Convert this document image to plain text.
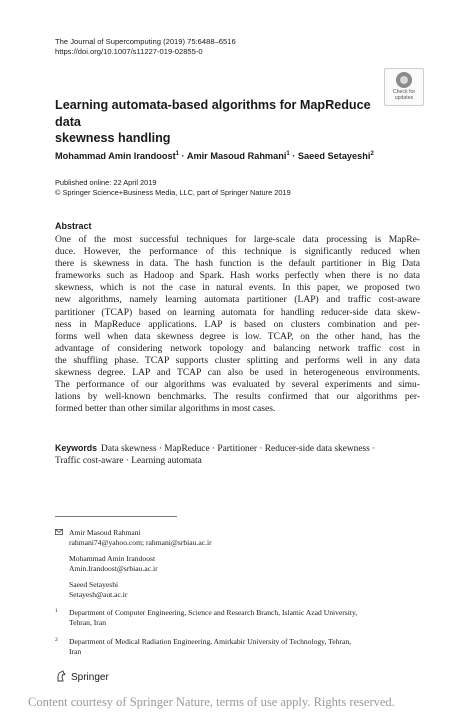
The Journal of Supercomputing (2019) 75:6488–6516
https://doi.org/10.1007/s11227-019-02855-0
Check for
updates
Learning automata-based algorithms for MapReduce data
skewness handling
Mohammad Amin Irandoost$^1$ · Amir Masoud Rahmani$^1$ · Saeed Setayeshi$^2$
Published online: 22 April 2019
© Springer Science+Business Media, LLC, part of Springer Nature 2019
Abstract
One of the most successful techniques for large-scale data processing is MapRe-
duce. However, the performance of this technique is significantly reduced when
there is skewness in data. The hash function is the default partitioner in Big Data
frameworks such as Hadoop and Spark. Hash works perfectly when there is no data
skewness, which is not the case in natural events. In this paper, we proposed two
new algorithms, namely learning automata partitioner (LAP) and traffic cost-aware
partitioner (TCAP) based on learning automata for handling reducer-side data skew-
ness in MapReduce applications. LAP is based on clusters combination and per-
forms well when data skewness degree is low. TCAP, on the other hand, has the
advantage of considering network topology and balancing network traffic cost in
the shuffling phase. TCAP supports cluster splitting and performs well in any data
skewness degree. LAP and TCAP can also be used in heterogeneous environments.
The performance of our algorithms was evaluated by several experiments and simu-
lations by well-known benchmarks. The results confirmed that our algorithms per-
formed better than other similar algorithms in most cases.
Keywords Data skewness · MapReduce · Partitioner · Reducer-side data skewness ·
Traffic cost-aware · Learning automata
Amir Masoud Rahmani
rahmani74@yahoo.com; rahmani@srbiau.ac.ir
Mohammad Amin Irandoost
Amin.Irandoost@srbiau.ac.ir
Saeed Setayeshi
Setayesh@aut.ac.ir
1 Department of Computer Engineering, Science and Research Branch, Islamic Azad University,
Tehran, Iran
2 Department of Medical Radiation Engineering, Amirkabir University of Technology, Tehran,
Iran
Springer
Content courtesy of Springer Nature, terms of use apply. Rights reserved.
